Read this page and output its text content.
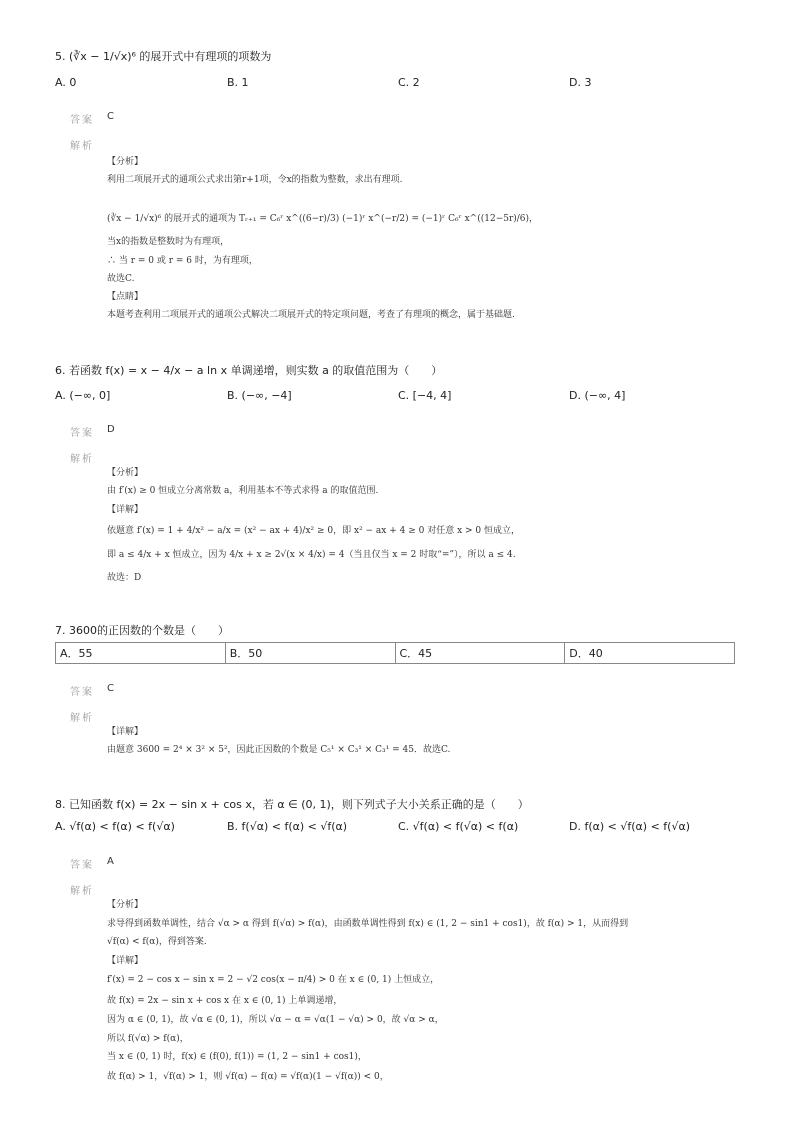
5. (∛x − 1/√x)⁶ 的展开式中有理项的项数为
A. 0	B. 1	C. 2	D. 3
答案 C
解析
【分析】
利用二项展开式的通项公式求出第r+1项，令x的指数为整数，求出有理项.
(∛x − 1/√x)⁶ 的展开式的通项为 Tᵣ₊₁ = C₆ʳ x^((6−r)/3) (−1)ʳ x^(−r/2) = (−1)ʳ C₆ʳ x^((12−5r)/6)，
当x的指数是整数时为有理项，
∴ 当 r = 0 或 r = 6 时，为有理项，
故选C.
【点睛】
本题考查利用二项展开式的通项公式解决二项展开式的特定项问题，考查了有理项的概念，属于基础题.
6. 若函数 f(x) = x − 4/x − a ln x 单调递增，则实数 a 的取值范围为（　　）
A. (−∞, 0]	B. (−∞, −4]	C. [−4, 4]	D. (−∞, 4]
答案 D
解析
【分析】
由 f′(x) ≥ 0 恒成立分离常数 a，利用基本不等式求得 a 的取值范围.
【详解】
依题意 f′(x) = 1 + 4/x² − a/x = (x² − ax + 4)/x² ≥ 0，即 x² − ax + 4 ≥ 0 对任意 x > 0 恒成立，
即 a ≤ 4/x + x 恒成立，因为 4/x + x ≥ 2√(x × 4/x) = 4（当且仅当 x = 2 时取“=”），所以 a ≤ 4.
故选：D
7. 3600的正因数的个数是（　　）
A．55	B．50	C．45	D．40
答案 C
解析
【详解】
由题意 3600 = 2⁴ × 3² × 5²，因此正因数的个数是 C₅¹ × C₃¹ × C₃¹ = 45．故选C.
8. 已知函数 f(x) = 2x − sin x + cos x，若 α ∈ (0, 1)，则下列式子大小关系正确的是（　　）
A. √f(α) < f(α) < f(√α)	B. f(√α) < f(α) < √f(α)	C. √f(α) < f(√α) < f(α)	D. f(α) < √f(α) < f(√α)
答案 A
解析
【分析】
求导得到函数单调性，结合 √α > α 得到 f(√α) > f(α)，由函数单调性得到 f(x) ∈ (1, 2 − sin1 + cos1)，故 f(α) > 1，从而得到
√f(α) < f(α)，得到答案.
【详解】
f′(x) = 2 − cos x − sin x = 2 − √2 cos(x − π/4) > 0 在 x ∈ (0, 1) 上恒成立，
故 f(x) = 2x − sin x + cos x 在 x ∈ (0, 1) 上单调递增，
因为 α ∈ (0, 1)，故 √α ∈ (0, 1)，所以 √α − α = √α(1 − √α) > 0，故 √α > α，
所以 f(√α) > f(α)，
当 x ∈ (0, 1) 时，f(x) ∈ (f(0), f(1)) = (1, 2 − sin1 + cos1)，
故 f(α) > 1，√f(α) > 1，则 √f(α) − f(α) = √f(α)(1 − √f(α)) < 0，
